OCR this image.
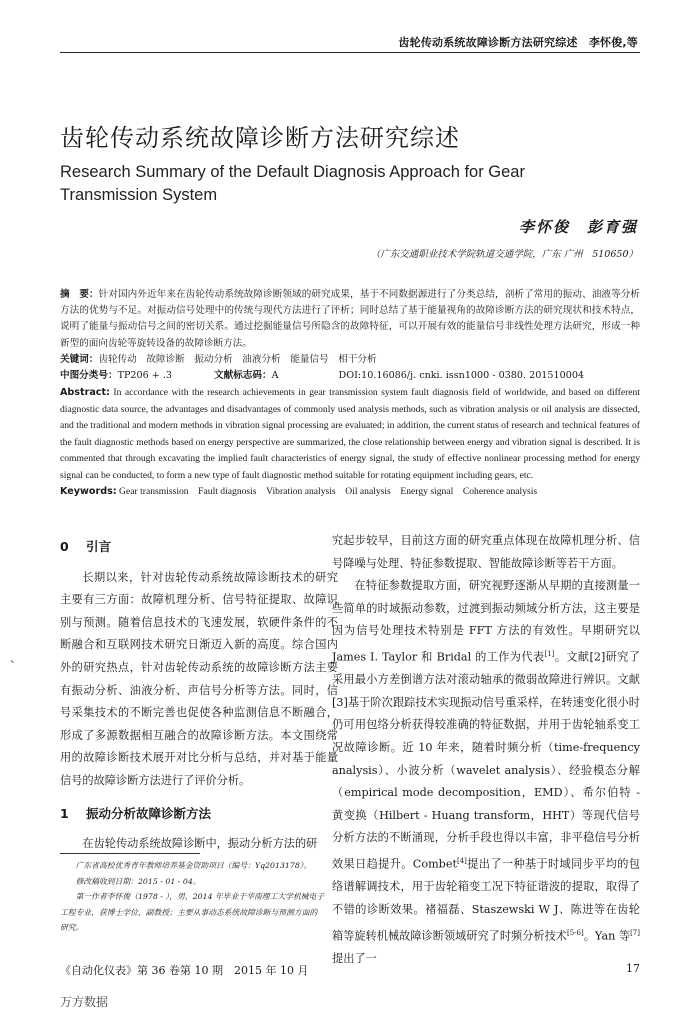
齿轮传动系统故障诊断方法研究综述　李怀俊,等
齿轮传动系统故障诊断方法研究综述
Research Summary of the Default Diagnosis Approach for Gear Transmission System
李怀俊　彭育强
（广东交通职业技术学院轨道交通学院，广东 广州　510650）
、

摘　要：针对国内外近年来在齿轮传动系统故障诊断领域的研究成果，基于不同数据源进行了分类总结，剖析了常用的振动、油液等分析方法的优势与不足。对振动信号处理中的传统与现代方法进行了评析；同时总结了基于能量视角的故障诊断方法的研究现状和技术特点，说明了能量与振动信号之间的密切关系。通过挖掘能量信号所隐含的故障特征，可以开展有效的能量信号非线性处理方法研究，形成一种新型的面向齿轮等旋转设备的故障诊断方法。

关键词：齿轮传动　故障诊断　振动分析　油液分析　能量信号　相干分析

中图分类号： TP206 + .3	文献标志码： A	DOI:10.16086/j. cnki. issn1000 - 0380. 201510004

Abstract: In accordance with the research achievements in gear transmission system fault diagnosis field of worldwide, and based on different diagnostic data source, the advantages and disadvantages of commonly used analysis methods, such as vibration analysis or oil analysis are dissected, and the traditional and modern methods in vibration signal processing are evaluated; in addition, the current status of research and technical features of the fault diagnostic methods based on energy perspective are summarized, the close relationship between energy and vibration signal is described. It is commented that through excavating the implied fault characteristics of energy signal, the study of effective nonlinear processing method for energy signal can be conducted, to form a new type of fault diagnostic method suitable for rotating equipment including gears, etc.

Keywords: Gear transmission　Fault diagnosis　Vibration analysis　Oil analysis　Energy signal　Coherence analysis

0 引言

长期以来，针对齿轮传动系统故障诊断技术的研究主要有三方面：故障机理分析、信号特征提取、故障识别与预测。随着信息技术的飞速发展，软硬件条件的不断融合和互联网技术研究日渐迈入新的高度。综合国内外的研究热点，针对齿轮传动系统的故障诊断方法主要有振动分析、油液分析、声信号分析等方法。同时，信号采集技术的不断完善也促使各种监测信息不断融合，形成了多源数据相互融合的故障诊断方法。本文围绕常用的故障诊断技术展开对比分析与总结，并对基于能量信号的故障诊断方法进行了评价分析。

1 振动分析故障诊断方法

在齿轮传动系统故障诊断中，振动分析方法的研

广东省高校优秀青年教师培养基金资助项目（编号：Yq2013178）。

修改稿收到日期：2015 - 01 - 04。

第一作者李怀俊（1978 - ），男，2014 年毕业于华南理工大学机械电子工程专业，获博士学位，副教授；主要从事动态系统故障诊断与预测方面的研究。

究起步较早，目前这方面的研究重点体现在故障机理分析、信号降噪与处理、特征参数提取、智能故障诊断等若干方面。

在特征参数提取方面，研究视野逐渐从早期的直接测量一些简单的时域振动参数，过渡到振动频域分析方法，这主要是因为信号处理技术特别是 FFT 方法的有效性。早期研究以 James I. Taylor 和 Bridal 的工作为代表[1]。文献[2]研究了采用最小方差倒谱方法对滚动轴承的微弱故障进行辨识。文献[3]基于阶次跟踪技术实现振动信号重采样，在转速变化很小时仍可用包络分析获得较准确的特征数据，并用于齿轮轴系变工况故障诊断。近 10 年来，随着时频分析（time-frequency analysis）、小波分析（wavelet analysis）、经验模态分解（empirical mode decomposition，EMD）、希尔伯特 - 黄变换（Hilbert - Huang transform，HHT）等现代信号分析方法的不断涌现，分析手段也得以丰富，非平稳信号分析效果日趋提升。Combet[4]提出了一种基于时域同步平均的包络谱解调技术，用于齿轮箱变工况下特征谐波的提取，取得了不错的诊断效果。褚福磊、Staszewski W J、陈进等在齿轮箱等旋转机械故障诊断领域研究了时频分析技术[5-6]。Yan 等[7]提出了一

《自动化仪表》第 36 卷第 10 期　2015 年 10 月	17
万方数据
